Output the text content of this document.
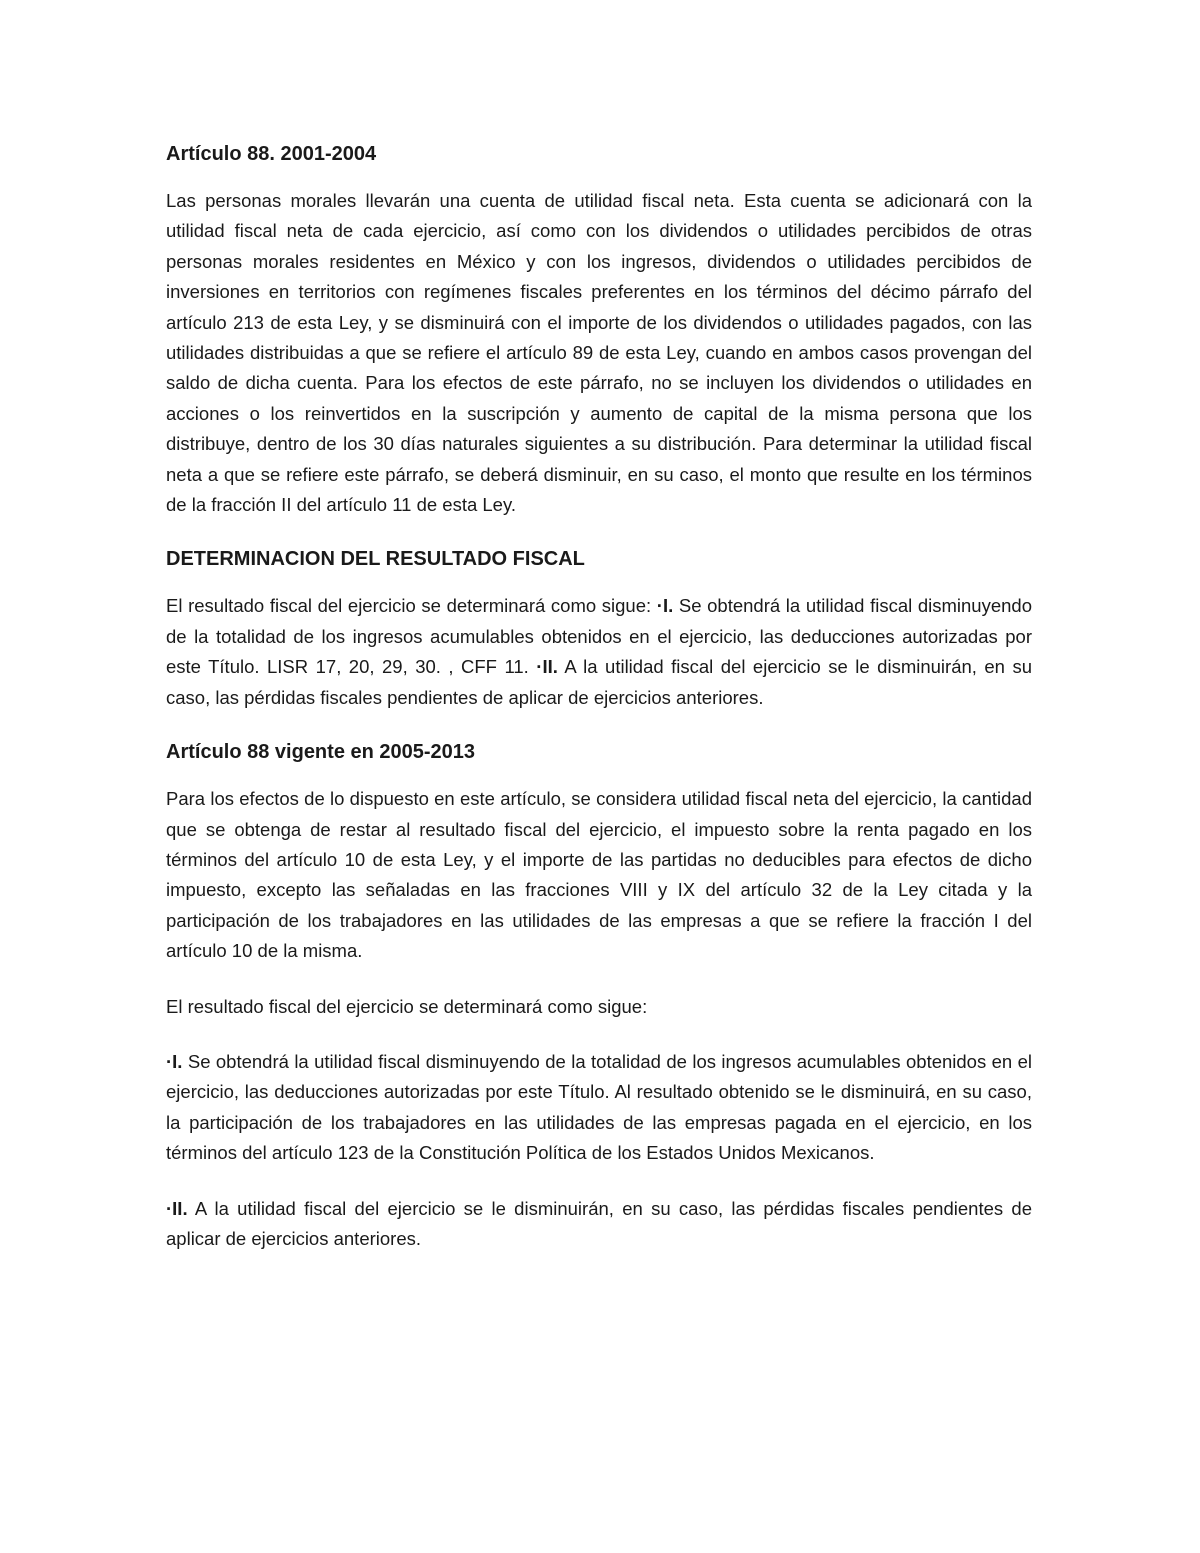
Artículo 88. 2001-2004

Las personas morales llevarán una cuenta de utilidad fiscal neta. Esta cuenta se adicionará con la utilidad fiscal neta de cada ejercicio, así como con los dividendos o utilidades percibidos de otras personas morales residentes en México y con los ingresos, dividendos o utilidades percibidos de inversiones en territorios con regímenes fiscales preferentes en los términos del décimo párrafo del artículo 213 de esta Ley, y se disminuirá con el importe de los dividendos o utilidades pagados, con las utilidades distribuidas a que se refiere el artículo 89 de esta Ley, cuando en ambos casos provengan del saldo de dicha cuenta. Para los efectos de este párrafo, no se incluyen los dividendos o utilidades en acciones o los reinvertidos en la suscripción y aumento de capital de la misma persona que los distribuye, dentro de los 30 días naturales siguientes a su distribución. Para determinar la utilidad fiscal neta a que se refiere este párrafo, se deberá disminuir, en su caso, el monto que resulte en los términos de la fracción II del artículo 11 de esta Ley.

DETERMINACION DEL RESULTADO FISCAL

El resultado fiscal del ejercicio se determinará como sigue: ·I. Se obtendrá la utilidad fiscal disminuyendo de la totalidad de los ingresos acumulables obtenidos en el ejercicio, las deducciones autorizadas por este Título. LISR 17, 20, 29, 30. , CFF 11. ·II. A la utilidad fiscal del ejercicio se le disminuirán, en su caso, las pérdidas fiscales pendientes de aplicar de ejercicios anteriores.

Artículo 88 vigente en 2005-2013

Para los efectos de lo dispuesto en este artículo, se considera utilidad fiscal neta del ejercicio, la cantidad que se obtenga de restar al resultado fiscal del ejercicio, el impuesto sobre la renta pagado en los términos del artículo 10 de esta Ley, y el importe de las partidas no deducibles para efectos de dicho impuesto, excepto las señaladas en las fracciones VIII y IX del artículo 32 de la Ley citada y la participación de los trabajadores en las utilidades de las empresas a que se refiere la fracción I del artículo 10 de la misma.

El resultado fiscal del ejercicio se determinará como sigue:

·I. Se obtendrá la utilidad fiscal disminuyendo de la totalidad de los ingresos acumulables obtenidos en el ejercicio, las deducciones autorizadas por este Título. Al resultado obtenido se le disminuirá, en su caso, la participación de los trabajadores en las utilidades de las empresas pagada en el ejercicio, en los términos del artículo 123 de la Constitución Política de los Estados Unidos Mexicanos.

·II. A la utilidad fiscal del ejercicio se le disminuirán, en su caso, las pérdidas fiscales pendientes de aplicar de ejercicios anteriores.
